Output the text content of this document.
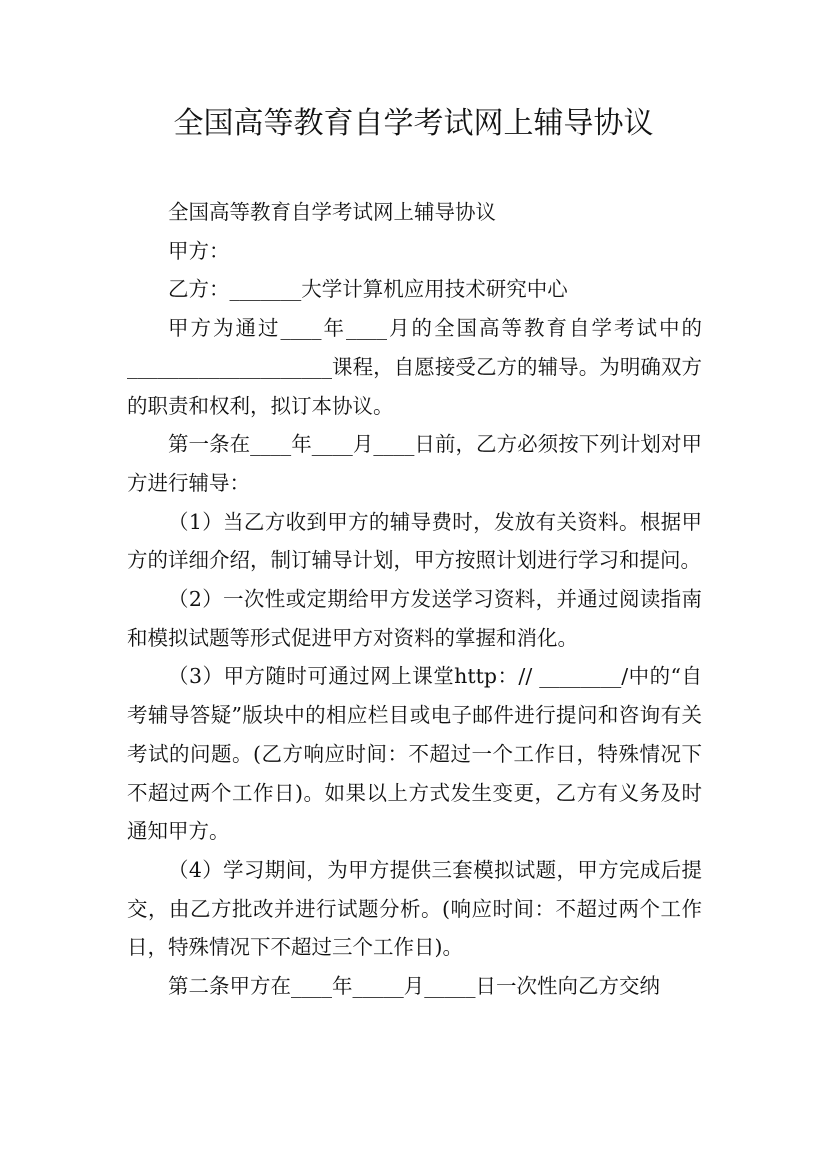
全国高等教育自学考试网上辅导协议

全国高等教育自学考试网上辅导协议

甲方：

乙方：_______大学计算机应用技术研究中心

甲方为通过____年____月的全国高等教育自学考试中的____________________课程，自愿接受乙方的辅导。为明确双方的职责和权利，拟订本协议。

第一条在____年____月____日前，乙方必须按下列计划对甲方进行辅导：

（1）当乙方收到甲方的辅导费时，发放有关资料。根据甲方的详细介绍，制订辅导计划，甲方按照计划进行学习和提问。

（2）一次性或定期给甲方发送学习资料，并通过阅读指南和模拟试题等形式促进甲方对资料的掌握和消化。

（3）甲方随时可通过网上课堂http：// ________/中的“自考辅导答疑”版块中的相应栏目或电子邮件进行提问和咨询有关考试的问题。(乙方响应时间：不超过一个工作日，特殊情况下不超过两个工作日)。如果以上方式发生变更，乙方有义务及时通知甲方。

（4）学习期间，为甲方提供三套模拟试题，甲方完成后提交，由乙方批改并进行试题分析。(响应时间：不超过两个工作日，特殊情况下不超过三个工作日)。

第二条甲方在____年_____月_____日一次性向乙方交纳
